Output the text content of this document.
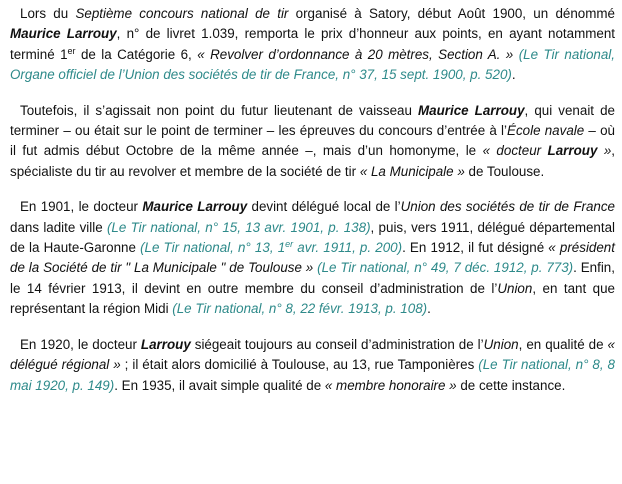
Lors du Septième concours national de tir organisé à Satory, début Août 1900, un dénommé Maurice Larrouy, n° de livret 1.039, remporta le prix d’honneur aux points, en ayant notamment terminé 1er de la Catégorie 6, « Revolver d’ordonnance à 20 mètres, Section A. » (Le Tir national, Organe officiel de l’Union des sociétés de tir de France, n° 37, 15 sept. 1900, p. 520).

Toutefois, il s’agissait non point du futur lieutenant de vaisseau Maurice Larrouy, qui venait de terminer – ou était sur le point de terminer – les épreuves du concours d’entrée à l’École navale – où il fut admis début Octobre de la même année –, mais d’un homonyme, le « docteur Larrouy », spécialiste du tir au revolver et membre de la société de tir « La Municipale » de Toulouse.

En 1901, le docteur Maurice Larrouy devint délégué local de l’Union des sociétés de tir de France dans ladite ville (Le Tir national, n° 15, 13 avr. 1901, p. 138), puis, vers 1911, délégué départemental de la Haute-Garonne (Le Tir national, n° 13, 1er avr. 1911, p. 200). En 1912, il fut désigné « président de la Société de tir " La Municipale " de Toulouse » (Le Tir national, n° 49, 7 déc. 1912, p. 773). Enfin, le 14 février 1913, il devint en outre membre du conseil d’administration de l’Union, en tant que représentant la région Midi (Le Tir national, n° 8, 22 févr. 1913, p. 108).

En 1920, le docteur Larrouy siégeait toujours au conseil d’administration de l’Union, en qualité de « délégué régional » ; il était alors domicilié à Toulouse, au 13, rue Tamponières (Le Tir national, n° 8, 8 mai 1920, p. 149). En 1935, il avait simple qualité de « membre honoraire » de cette instance.
